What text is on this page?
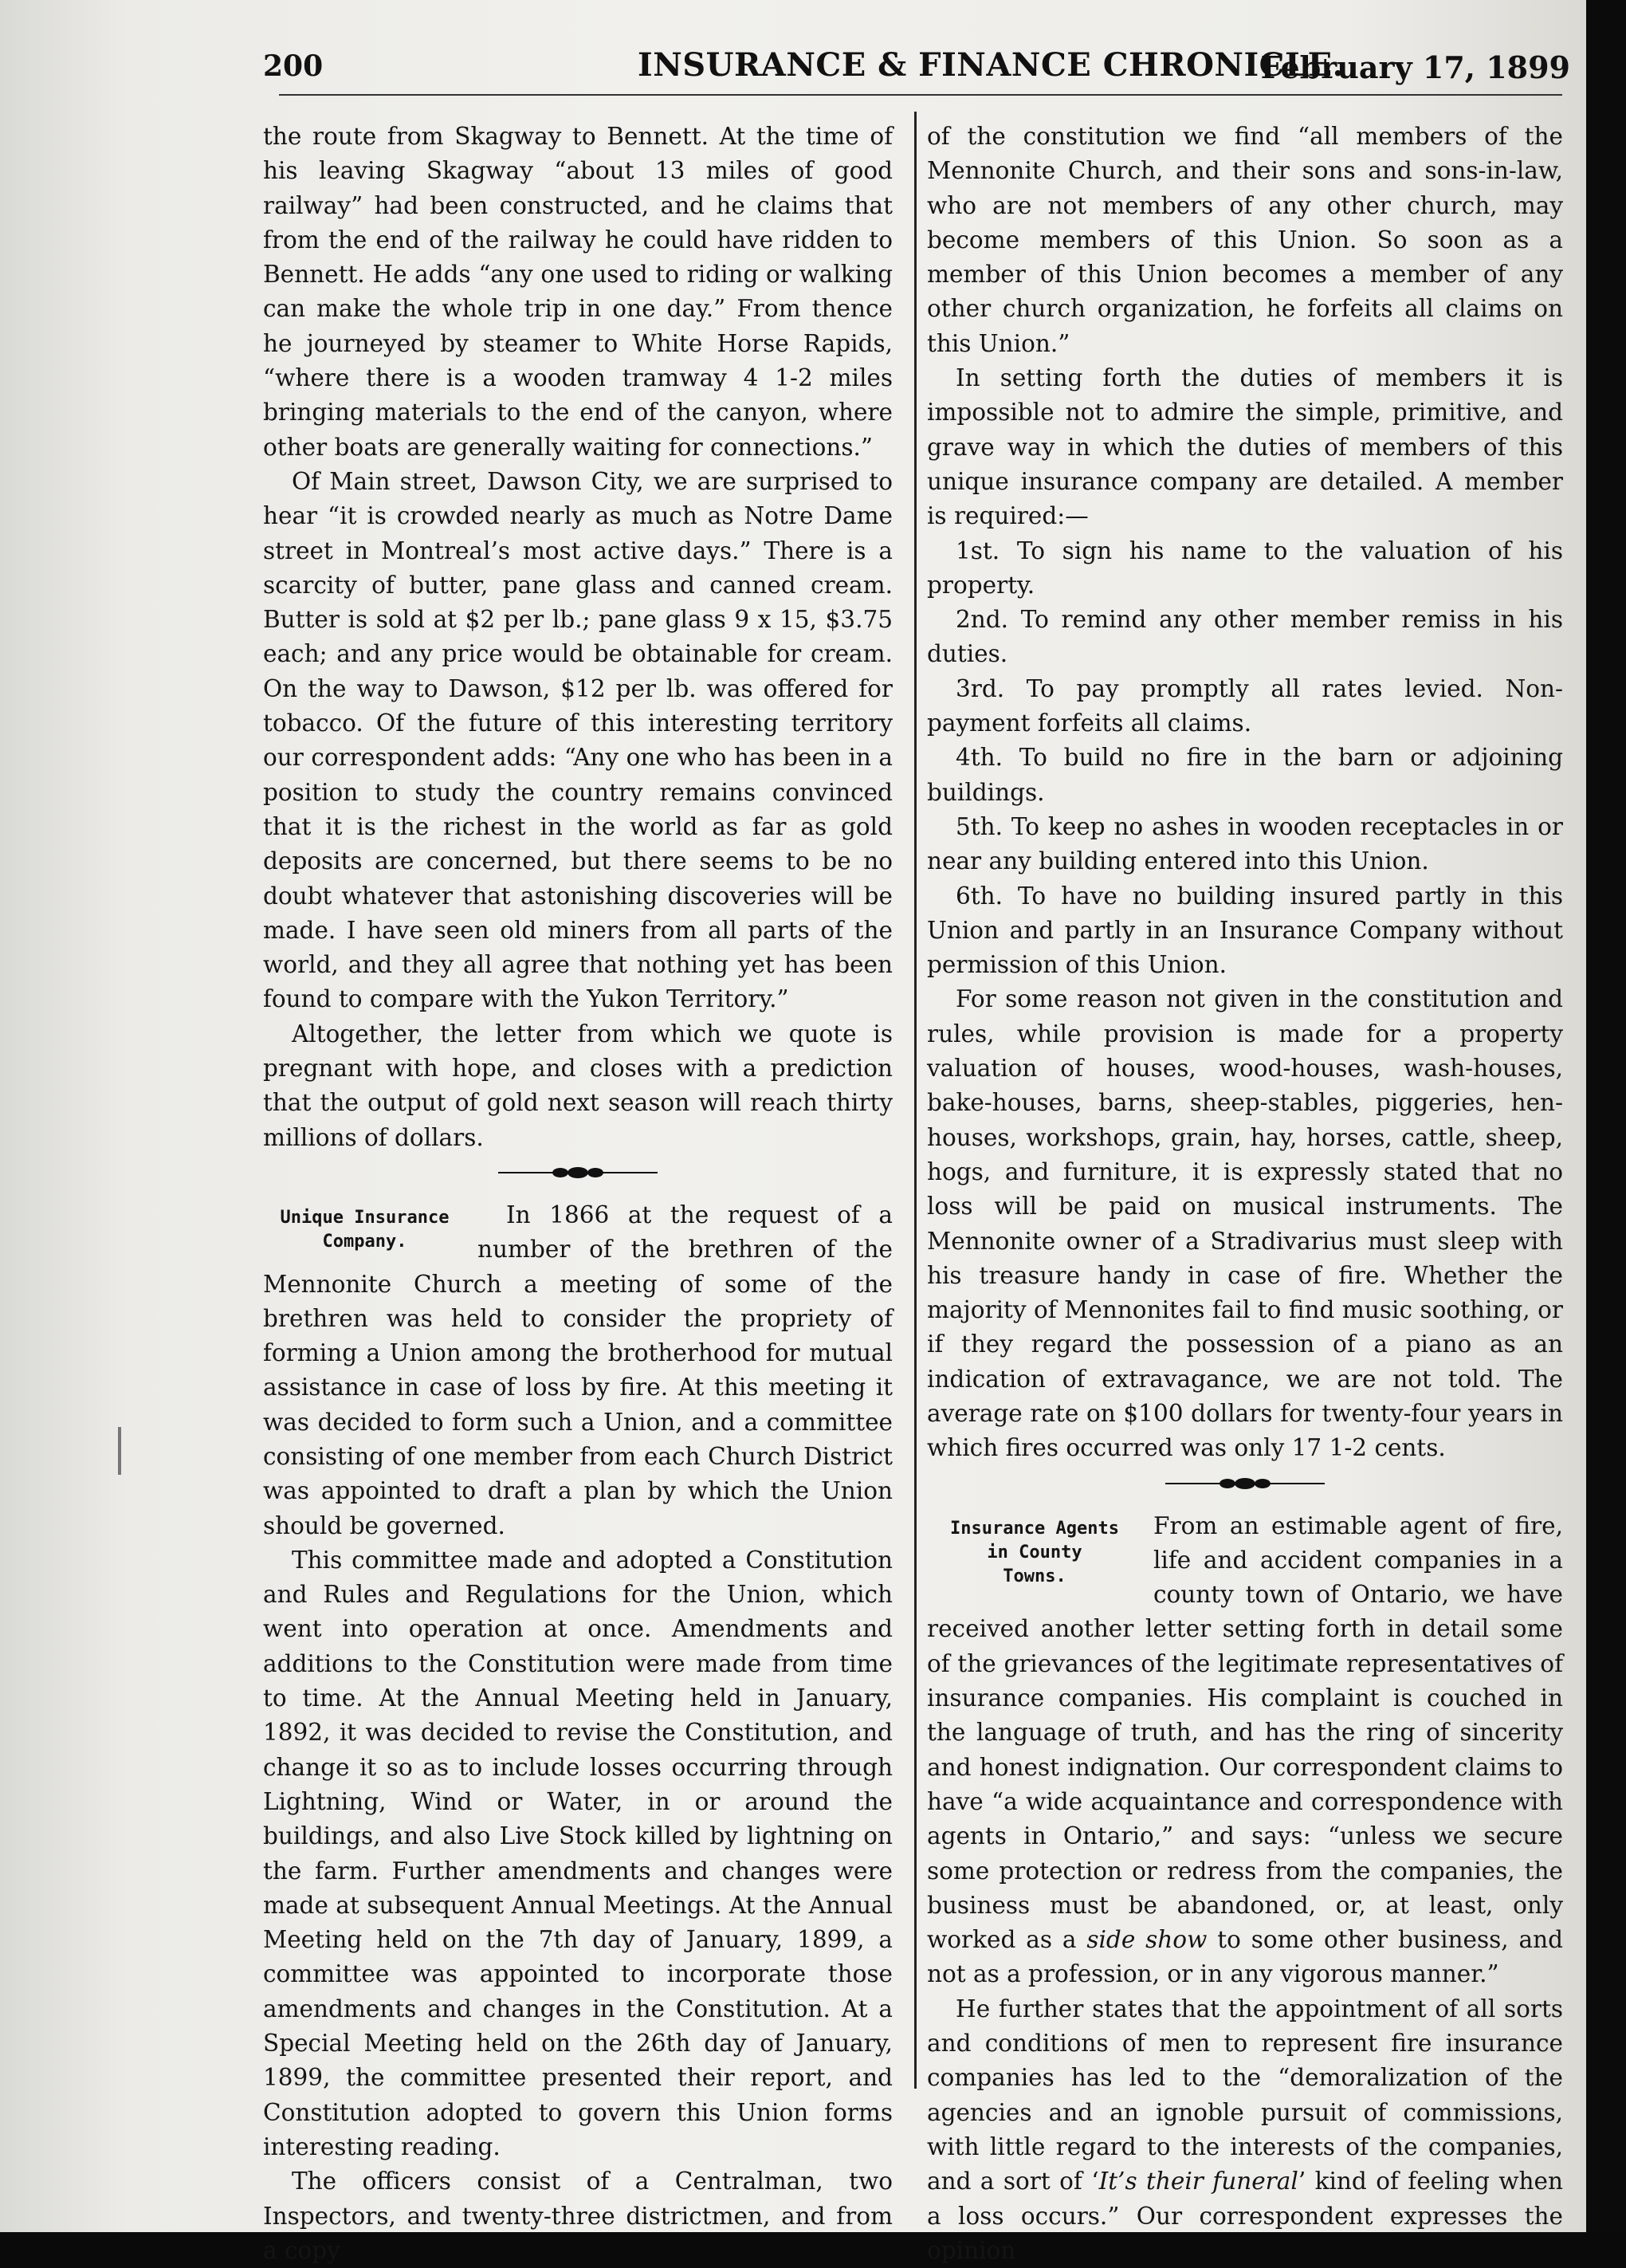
200	INSURANCE & FINANCE CHRONICLE.
February 17, 1899

the route from Skagway to Bennett. At the time of his leaving Skagway “about 13 miles of good railway” had been constructed, and he claims that from the end of the railway he could have ridden to Bennett. He adds “any one used to riding or walking can make the whole trip in one day.” From thence he journeyed by steamer to White Horse Rapids, “where there is a wooden tramway 4 1-2 miles bringing materials to the end of the canyon, where other boats are generally waiting for connections.”

Of Main street, Dawson City, we are surprised to hear “it is crowded nearly as much as Notre Dame street in Montreal’s most active days.” There is a scarcity of butter, pane glass and canned cream. Butter is sold at $2 per lb.; pane glass 9 x 15, $3.75 each; and any price would be obtainable for cream. On the way to Dawson, $12 per lb. was offered for tobacco. Of the future of this interesting territory our correspondent adds: “Any one who has been in a position to study the country remains convinced that it is the richest in the world as far as gold deposits are concerned, but there seems to be no doubt whatever that astonishing discoveries will be made. I have seen old miners from all parts of the world, and they all agree that nothing yet has been found to compare with the Yukon Territory.”

Altogether, the letter from which we quote is pregnant with hope, and closes with a prediction that the output of gold next season will reach thirty millions of dollars.

Unique Insurance
Company.

In 1866 at the request of a number of the brethren of the Mennonite Church a meeting of some of the brethren was held to consider the propriety of forming a Union among the brotherhood for mutual assistance in case of loss by fire. At this meeting it was decided to form such a Union, and a committee consisting of one member from each Church District was appointed to draft a plan by which the Union should be governed.

This committee made and adopted a Constitution and Rules and Regulations for the Union, which went into operation at once. Amendments and additions to the Constitution were made from time to time. At the Annual Meeting held in January, 1892, it was decided to revise the Constitution, and change it so as to include losses occurring through Lightning, Wind or Water, in or around the buildings, and also Live Stock killed by lightning on the farm. Further amendments and changes were made at subsequent Annual Meetings. At the Annual Meeting held on the 7th day of January, 1899, a committee was appointed to incorporate those amendments and changes in the Constitution. At a Special Meeting held on the 26th day of January, 1899, the committee presented their report, and Constitution adopted to govern this Union forms interesting reading.

The officers consist of a Centralman, two Inspectors, and twenty-three districtmen, and from a copy

of the constitution we find “all members of the Mennonite Church, and their sons and sons-in-law, who are not members of any other church, may become members of this Union. So soon as a member of this Union becomes a member of any other church organization, he forfeits all claims on this Union.”

In setting forth the duties of members it is impossible not to admire the simple, primitive, and grave way in which the duties of members of this unique insurance company are detailed. A member is required:—

1st. To sign his name to the valuation of his property.

2nd. To remind any other member remiss in his duties.

3rd. To pay promptly all rates levied. Non-payment forfeits all claims.

4th. To build no fire in the barn or adjoining buildings.

5th. To keep no ashes in wooden receptacles in or near any building entered into this Union.

6th. To have no building insured partly in this Union and partly in an Insurance Company without permission of this Union.

For some reason not given in the constitution and rules, while provision is made for a property valuation of houses, wood-houses, wash-houses, bake-houses, barns, sheep-stables, piggeries, hen-houses, workshops, grain, hay, horses, cattle, sheep, hogs, and furniture, it is expressly stated that no loss will be paid on musical instruments. The Mennonite owner of a Stradivarius must sleep with his treasure handy in case of fire. Whether the majority of Mennonites fail to find music soothing, or if they regard the possession of a piano as an indication of extravagance, we are not told. The average rate on $100 dollars for twenty-four years in which fires occurred was only 17 1-2 cents.

Insurance Agents
in County
Towns.

From an estimable agent of fire, life and accident companies in a county town of Ontario, we have received another letter setting forth in detail some of the grievances of the legitimate representatives of insurance companies. His complaint is couched in the language of truth, and has the ring of sincerity and honest indignation. Our correspondent claims to have “a wide acquaintance and correspondence with agents in Ontario,” and says: “unless we secure some protection or redress from the companies, the business must be abandoned, or, at least, only worked as a side show to some other business, and not as a profession, or in any vigorous manner.”

He further states that the appointment of all sorts and conditions of men to represent fire insurance companies has led to the “demoralization of the agencies and an ignoble pursuit of commissions, with little regard to the interests of the companies, and a sort of ‘It’s their funeral’ kind of feeling when a loss occurs.” Our correspondent expresses the opinion
